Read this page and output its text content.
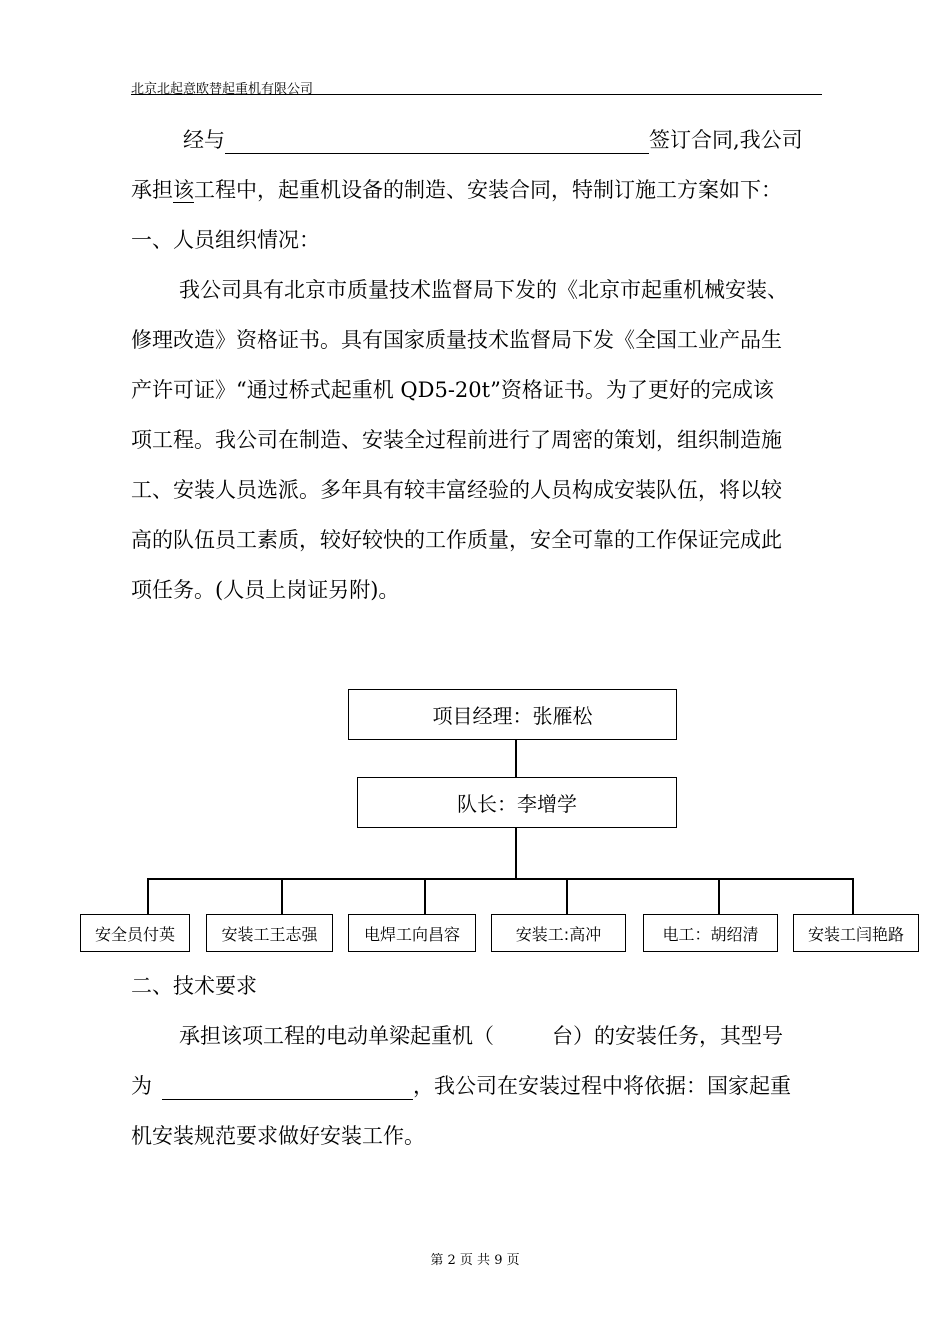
北京北起意欧替起重机有限公司
经与	签订合同,我公司
承担该工程中，起重机设备的制造、安装合同，特制订施工方案如下：
一、人员组织情况：
我公司具有北京市质量技术监督局下发的《北京市起重机械安装、
修理改造》资格证书。具有国家质量技术监督局下发《全国工业产品生
产许可证》“通过桥式起重机 QD5-20t”资格证书。为了更好的完成该
项工程。我公司在制造、安装全过程前进行了周密的策划，组织制造施
工、安装人员选派。多年具有较丰富经验的人员构成安装队伍，将以较
高的队伍员工素质，较好较快的工作质量，安全可靠的工作保证完成此
项任务。(人员上岗证另附)。
项目经理：张雁松
队长：李增学
安全员付英	安装工王志强	电焊工向昌容	安装工:高冲	电工：胡绍清	安装工闫艳路
二、技术要求
承担该项工程的电动单梁起重机（	台）的安装任务，其型号
为	，我公司在安装过程中将依据：国家起重
机安装规范要求做好安装工作。
第 2 页 共 9 页
